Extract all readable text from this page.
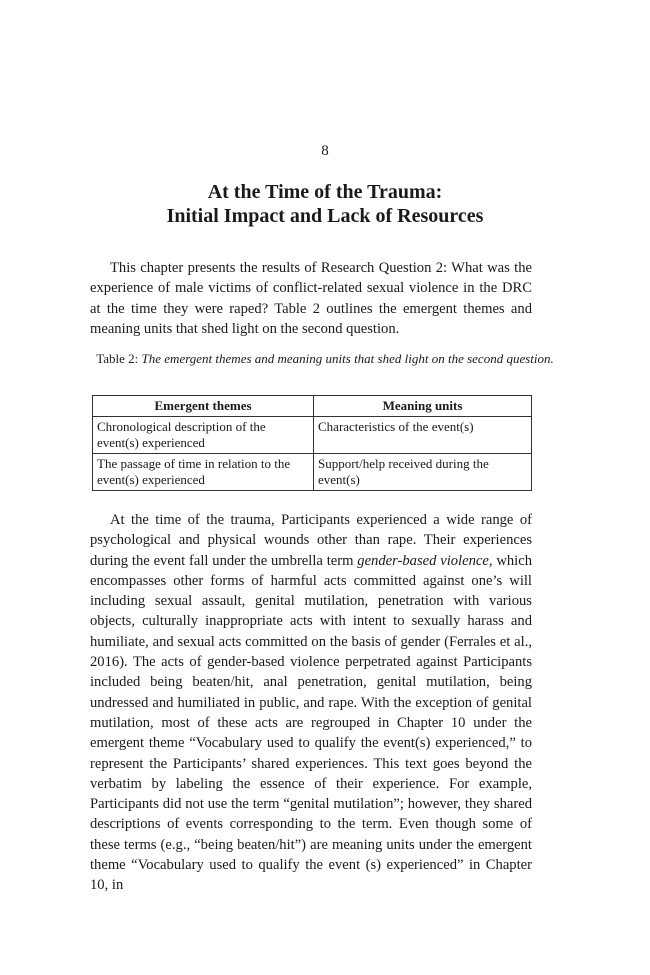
8
At the Time of the Trauma:
Initial Impact and Lack of Resources

This chapter presents the results of Research Question 2: What was the experience of male victims of conflict-related sexual violence in the DRC at the time they were raped? Table 2 outlines the emergent themes and meaning units that shed light on the second question.

Table 2: The emergent themes and meaning units that shed light on the second question.
Emergent themes	Meaning units
Chronological description of the event(s) experienced	Characteristics of the event(s)
The passage of time in relation to the event(s) experienced	Support/help received during the event(s)

At the time of the trauma, Participants experienced a wide range of psychological and physical wounds other than rape. Their experiences during the event fall under the umbrella term gender-based violence, which encompasses other forms of harmful acts committed against one’s will including sexual assault, genital mutilation, penetration with various objects, culturally inappropriate acts with intent to sexually harass and humiliate, and sexual acts committed on the basis of gender (Ferrales et al., 2016). The acts of gender-based violence perpetrated against Participants included being beaten/hit, anal penetration, genital mutilation, being undressed and humiliated in public, and rape. With the exception of genital mutilation, most of these acts are regrouped in Chapter 10 under the emergent theme “Vocabulary used to qualify the event(s) experienced,” to represent the Participants’ shared experiences. This text goes beyond the verbatim by labeling the essence of their experience. For example, Participants did not use the term “genital mutilation”; however, they shared descriptions of events corresponding to the term. Even though some of these terms (e.g., “being beaten/hit”) are meaning units under the emergent theme “Vocabulary used to qualify the event (s) experienced” in Chapter 10, in
